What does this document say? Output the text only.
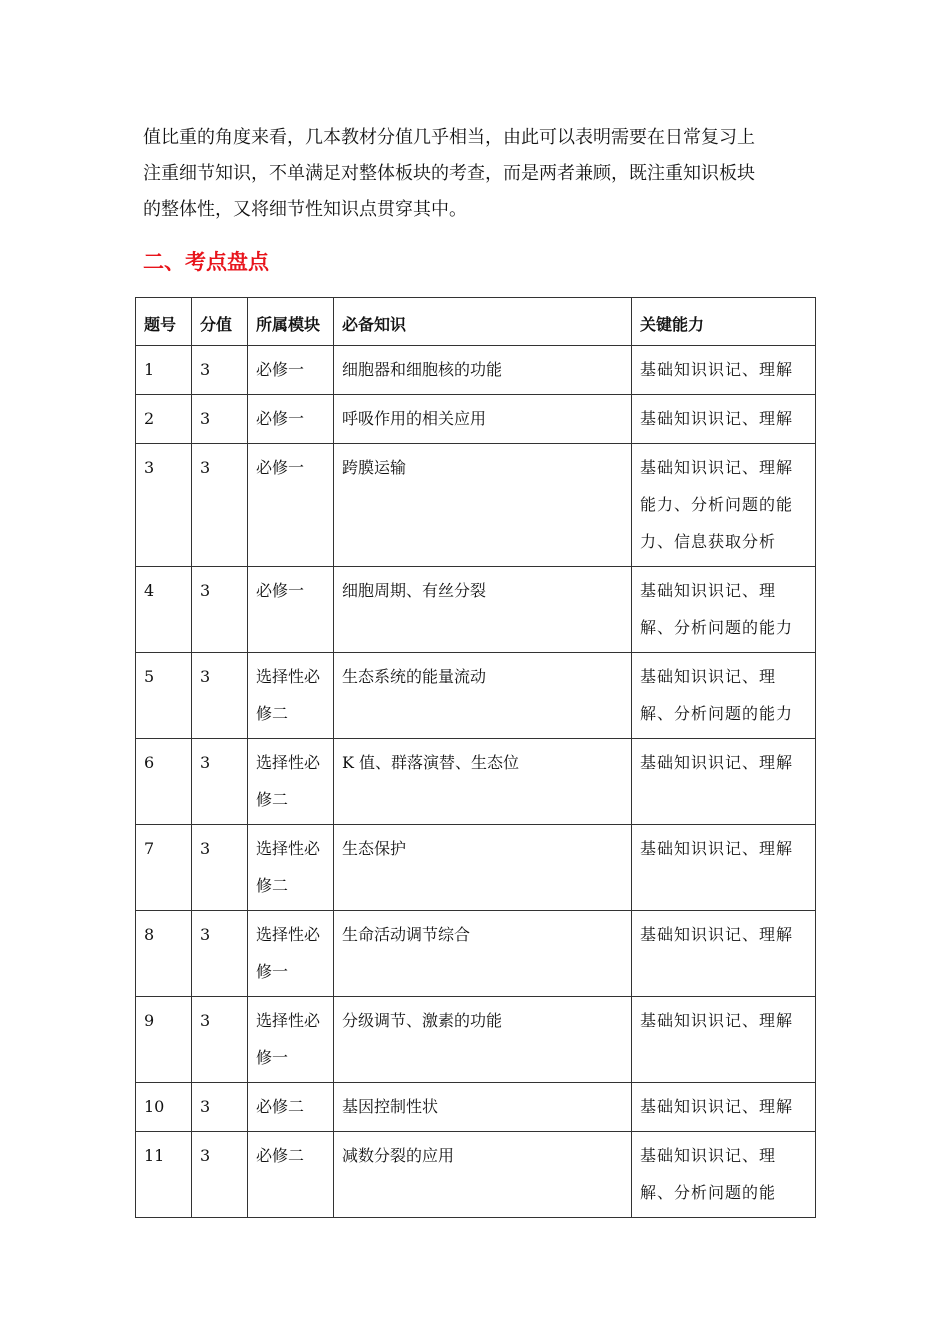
值比重的角度来看，几本教材分值几乎相当，由此可以表明需要在日常复习上
注重细节知识，不单满足对整体板块的考查，而是两者兼顾，既注重知识板块
的整体性，又将细节性知识点贯穿其中。
二、考点盘点
题号	分值	所属模块	必备知识	关键能力
1	3	必修一	细胞器和细胞核的功能	基础知识识记、理解
2	3	必修一	呼吸作用的相关应用	基础知识识记、理解
3	3	必修一	跨膜运输	基础知识识记、理解能力、分析问题的能力、信息获取分析
4	3	必修一	细胞周期、有丝分裂	基础知识识记、理解、分析问题的能力
5	3	选择性必修二	生态系统的能量流动	基础知识识记、理解、分析问题的能力
6	3	选择性必修二	K 值、群落演替、生态位	基础知识识记、理解
7	3	选择性必修二	生态保护	基础知识识记、理解
8	3	选择性必修一	生命活动调节综合	基础知识识记、理解
9	3	选择性必修一	分级调节、激素的功能	基础知识识记、理解
10	3	必修二	基因控制性状	基础知识识记、理解
11	3	必修二	减数分裂的应用	基础知识识记、理解、分析问题的能
